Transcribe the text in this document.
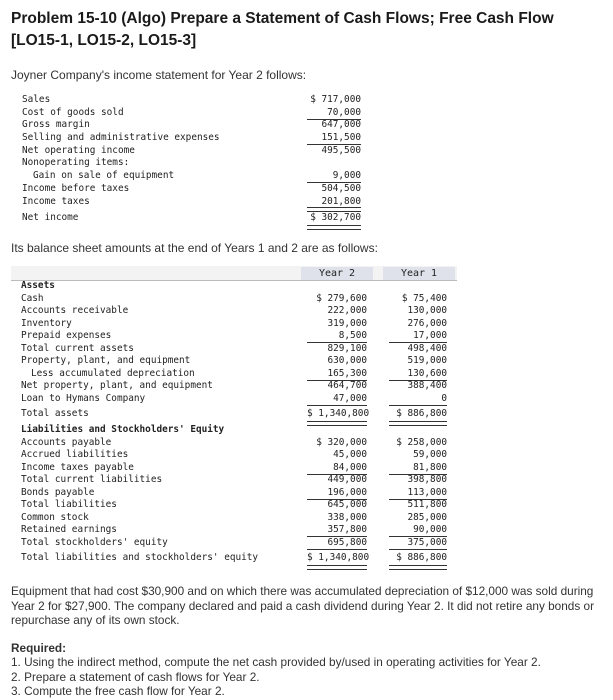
Problem 15-10 (Algo) Prepare a Statement of Cash Flows; Free Cash Flow [LO15-1, LO15-2, LO15-3]
Joyner Company's income statement for Year 2 follows:
Sales	$ 717,000
Cost of goods sold	70,000
Gross margin	647,000
Selling and administrative expenses	151,500
Net operating income	495,500
Nonoperating items:
Gain on sale of equipment	9,000
Income before taxes	504,500
Income taxes	201,800
Net income	$ 302,700
Its balance sheet amounts at the end of Years 1 and 2 are as follows:
Year 2	Year 1
Assets
Cash	$ 279,600	$ 75,400
Accounts receivable	222,000	130,000
Inventory	319,000	276,000
Prepaid expenses	8,500	17,000
Total current assets	829,100	498,400
Property, plant, and equipment	630,000	519,000
Less accumulated depreciation	165,300	130,600
Net property, plant, and equipment	464,700	388,400
Loan to Hymans Company	47,000	0
Total assets	$ 1,340,800	$ 886,800
Liabilities and Stockholders' Equity
Accounts payable	$ 320,000	$ 258,000
Accrued liabilities	45,000	59,000
Income taxes payable	84,000	81,800
Total current liabilities	449,000	398,800
Bonds payable	196,000	113,000
Total liabilities	645,000	511,800
Common stock	338,000	285,000
Retained earnings	357,800	90,000
Total stockholders' equity	695,800	375,000
Total liabilities and stockholders' equity	$ 1,340,800	$ 886,800
Equipment that had cost $30,900 and on which there was accumulated depreciation of $12,000 was sold during Year 2 for $27,900. The company declared and paid a cash dividend during Year 2. It did not retire any bonds or repurchase any of its own stock.
Required:
1. Using the indirect method, compute the net cash provided by/used in operating activities for Year 2.
2. Prepare a statement of cash flows for Year 2.
3. Compute the free cash flow for Year 2.
